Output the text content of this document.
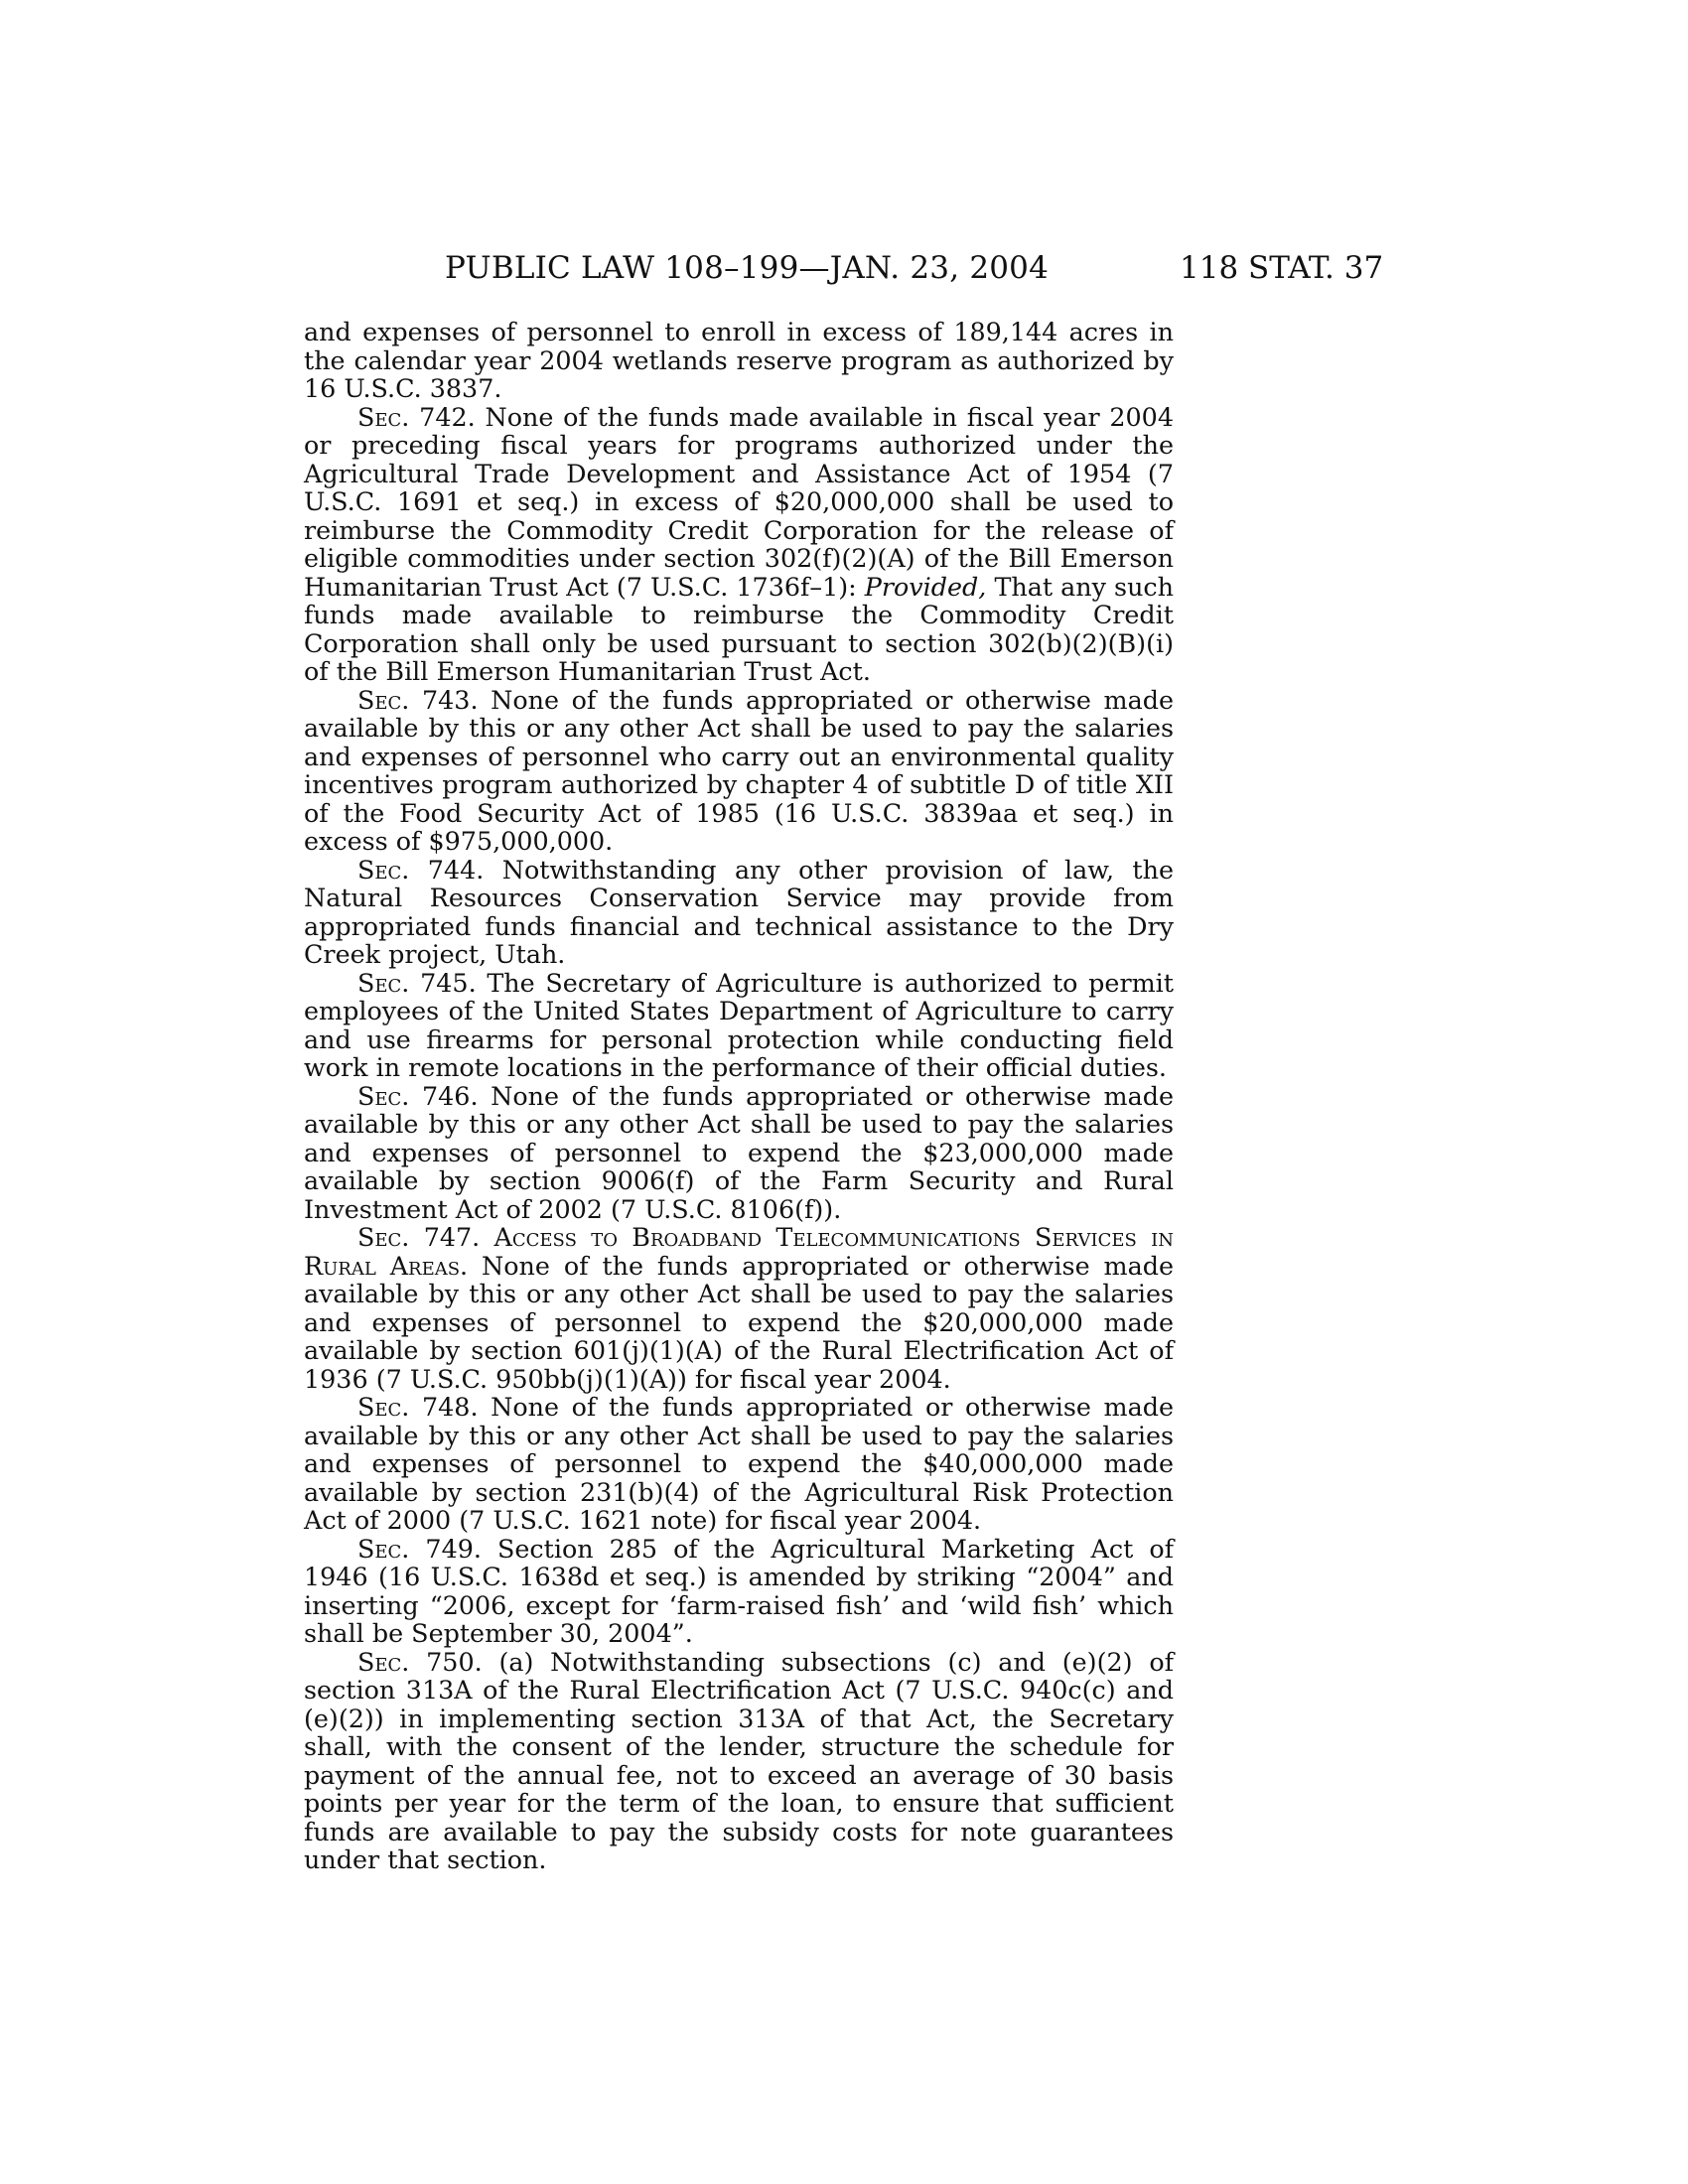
PUBLIC LAW 108–199—JAN. 23, 2004	118 STAT. 37

and expenses of personnel to enroll in excess of 189,144 acres in the calendar year 2004 wetlands reserve program as authorized by 16 U.S.C. 3837.

Sec. 742. None of the funds made available in fiscal year 2004 or preceding fiscal years for programs authorized under the Agricultural Trade Development and Assistance Act of 1954 (7 U.S.C. 1691 et seq.) in excess of $20,000,000 shall be used to reimburse the Commodity Credit Corporation for the release of eligible commodities under section 302(f)(2)(A) of the Bill Emerson Humanitarian Trust Act (7 U.S.C. 1736f–1): Provided, That any such funds made available to reimburse the Commodity Credit Corporation shall only be used pursuant to section 302(b)(2)(B)(i) of the Bill Emerson Humanitarian Trust Act.

Sec. 743. None of the funds appropriated or otherwise made available by this or any other Act shall be used to pay the salaries and expenses of personnel who carry out an environmental quality incentives program authorized by chapter 4 of subtitle D of title XII of the Food Security Act of 1985 (16 U.S.C. 3839aa et seq.) in excess of $975,000,000.

Sec. 744. Notwithstanding any other provision of law, the Natural Resources Conservation Service may provide from appropriated funds financial and technical assistance to the Dry Creek project, Utah.

Sec. 745. The Secretary of Agriculture is authorized to permit employees of the United States Department of Agriculture to carry and use firearms for personal protection while conducting field work in remote locations in the performance of their official duties.

Sec. 746. None of the funds appropriated or otherwise made available by this or any other Act shall be used to pay the salaries and expenses of personnel to expend the $23,000,000 made available by section 9006(f) of the Farm Security and Rural Investment Act of 2002 (7 U.S.C. 8106(f)).

Sec. 747. Access to Broadband Telecommunications Services in Rural Areas. None of the funds appropriated or otherwise made available by this or any other Act shall be used to pay the salaries and expenses of personnel to expend the $20,000,000 made available by section 601(j)(1)(A) of the Rural Electrification Act of 1936 (7 U.S.C. 950bb(j)(1)(A)) for fiscal year 2004.

Sec. 748. None of the funds appropriated or otherwise made available by this or any other Act shall be used to pay the salaries and expenses of personnel to expend the $40,000,000 made available by section 231(b)(4) of the Agricultural Risk Protection Act of 2000 (7 U.S.C. 1621 note) for fiscal year 2004.

Sec. 749. Section 285 of the Agricultural Marketing Act of 1946 (16 U.S.C. 1638d et seq.) is amended by striking “2004” and inserting “2006, except for ‘farm-raised fish’ and ‘wild fish’ which shall be September 30, 2004”.

Sec. 750. (a) Notwithstanding subsections (c) and (e)(2) of section 313A of the Rural Electrification Act (7 U.S.C. 940c(c) and (e)(2)) in implementing section 313A of that Act, the Secretary shall, with the consent of the lender, structure the schedule for payment of the annual fee, not to exceed an average of 30 basis points per year for the term of the loan, to ensure that sufficient funds are available to pay the subsidy costs for note guarantees under that section.
